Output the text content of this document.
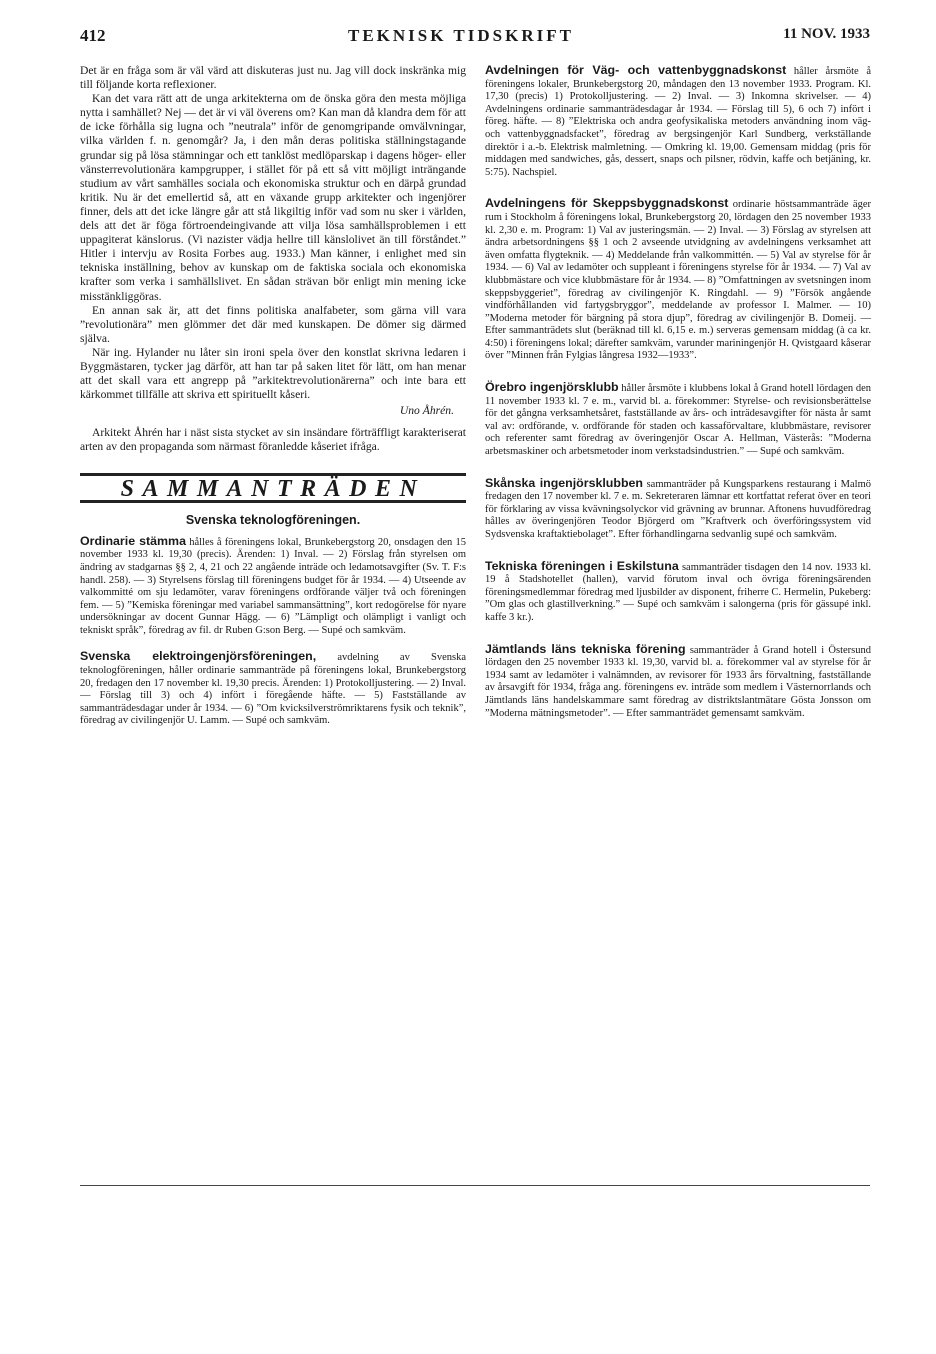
412	TEKNISK TIDSKRIFT	11 NOV. 1933

Det är en fråga som är väl värd att diskuteras just nu. Jag vill dock inskränka mig till följande korta reflexioner.

Kan det vara rätt att de unga arkitekterna om de önska göra den mesta möjliga nytta i samhället? Nej — det är vi väl överens om? Kan man då klandra dem för att de icke förhålla sig lugna och ”neutrala” inför de genomgripande omvälvningar, vilka världen f. n. genomgår? Ja, i den mån deras politiska ställningstagande grundar sig på lösa stämningar och ett tanklöst medlöparskap i dagens höger- eller vänsterrevolutionära kampgrupper, i stället för på ett så vitt möjligt inträngande studium av vårt samhälles sociala och ekonomiska struktur och en därpå grundad kritik. Nu är det emellertid så, att en växande grupp arkitekter och ingenjörer finner, dels att det icke längre går att stå likgiltig inför vad som nu sker i världen, dels att det är föga förtroendeingivande att vilja lösa samhällsproblemen i ett uppagiterat känslorus. (Vi nazister vädja hellre till känslolivet än till förståndet.” Hitler i intervju av Rosita Forbes aug. 1933.) Man känner, i enlighet med sin tekniska inställning, behov av kunskap om de faktiska sociala och ekonomiska krafter som verka i samhällslivet. En sådan strävan bör enligt min mening icke misstänkliggöras.

En annan sak är, att det finns politiska analfabeter, som gärna vill vara ”revolutionära” men glömmer det där med kunskapen. De dömer sig därmed själva.

När ing. Hylander nu låter sin ironi spela över den konstlat skrivna ledaren i Byggmästaren, tycker jag därför, att han tar på saken litet för lätt, om han menar att det skall vara ett angrepp på ”arkitektrevolutionärerna” och inte bara ett kärkommet tillfälle att skriva ett spirituellt kåseri.

Uno Åhrén.

Arkitekt Åhrén har i näst sista stycket av sin insändare förträffligt karakteriserat arten av den propaganda som närmast föranledde kåseriet ifråga.

SAMMANTRÄDEN
Svenska teknologföreningen.
Ordinarie stämma hålles å föreningens lokal, Brunkebergstorg 20, onsdagen den 15 november 1933 kl. 19,30 (precis). Ärenden: 1) Inval. — 2) Förslag från styrelsen om ändring av stadgarnas §§ 2, 4, 21 och 22 angående inträde och ledamotsavgifter (Sv. T. F:s handl. 258). — 3) Styrelsens förslag till föreningens budget för år 1934. — 4) Utseende av valkommitté om sju ledamöter, varav föreningens ordförande väljer två och föreningen fem. — 5) ”Kemiska föreningar med variabel sammansättning”, kort redogörelse för nyare undersökningar av docent Gunnar Hägg. — 6) ”Lämpligt och olämpligt i vanligt och tekniskt språk”, föredrag av fil. dr Ruben G:son Berg. — Supé och samkväm.
Svenska elektroingenjörsföreningen, avdelning av Svenska teknologföreningen, håller ordinarie sammanträde på föreningens lokal, Brunkebergstorg 20, fredagen den 17 november kl. 19,30 precis. Ärenden: 1) Protokolljustering. — 2) Inval. — Förslag till 3) och 4) infört i föregående häfte. — 5) Fastställande av sammanträdesdagar under år 1934. — 6) ”Om kvicksilverströmriktarens fysik och teknik”, föredrag av civilingenjör U. Lamm. — Supé och samkväm.
Avdelningen för Väg- och vattenbyggnadskonst håller årsmöte å föreningens lokaler, Brunkebergstorg 20, måndagen den 13 november 1933. Program. Kl. 17,30 (precis) 1) Protokolljustering. — 2) Inval. — 3) Inkomna skrivelser. — 4) Avdelningens ordinarie sammanträdesdagar år 1934. — Förslag till 5), 6 och 7) infört i föreg. häfte. — 8) ”Elektriska och andra geofysikaliska metoders användning inom väg- och vattenbyggnadsfacket”, föredrag av bergsingenjör Karl Sundberg, verkställande direktör i a.-b. Elektrisk malmletning. — Omkring kl. 19,00. Gemensam middag (pris för middagen med sandwiches, gås, dessert, snaps och pilsner, rödvin, kaffe och betjäning, kr. 5:75). Nachspiel.
Avdelningens för Skeppsbyggnadskonst ordinarie höstsammanträde äger rum i Stockholm å föreningens lokal, Brunkebergstorg 20, lördagen den 25 november 1933 kl. 2,30 e. m. Program: 1) Val av justeringsmän. — 2) Inval. — 3) Förslag av styrelsen att ändra arbetsordningens §§ 1 och 2 avseende utvidgning av avdelningens verksamhet att även omfatta flygteknik. — 4) Meddelande från valkommittén. — 5) Val av styrelse för år 1934. — 6) Val av ledamöter och suppleant i föreningens styrelse för år 1934. — 7) Val av klubbmästare och vice klubbmästare för år 1934. — 8) ”Omfattningen av svetsningen inom skeppsbyggeriet”, föredrag av civilingenjör K. Ringdahl. — 9) ”Försök angående vindförhållanden vid fartygsbryggor”, meddelande av professor I. Malmer. — 10) ”Moderna metoder för bärgning på stora djup”, föredrag av civilingenjör B. Domeij. — Efter sammanträdets slut (beräknad till kl. 6,15 e. m.) serveras gemensam middag (à ca kr. 4:50) i föreningens lokal; därefter samkväm, varunder mariningenjör H. Qvistgaard kåserar över ”Minnen från Fylgias långresa 1932—1933”.
Örebro ingenjörsklubb håller årsmöte i klubbens lokal å Grand hotell lördagen den 11 november 1933 kl. 7 e. m., varvid bl. a. förekommer: Styrelse- och revisionsberättelse för det gångna verksamhetsåret, fastställande av års- och inträdesavgifter för nästa år samt val av: ordförande, v. ordförande för staden och kassaförvaltare, klubbmästare, revisorer och referenter samt föredrag av överingenjör Oscar A. Hellman, Västerås: ”Moderna arbetsmaskiner och arbetsmetoder inom verkstadsindustrien.” — Supé och samkväm.
Skånska ingenjörsklubben sammanträder på Kungsparkens restaurang i Malmö fredagen den 17 november kl. 7 e. m. Sekreteraren lämnar ett kortfattat referat över en teori för förklaring av vissa kvävningsolyckor vid grävning av brunnar. Aftonens huvudföredrag hålles av överingenjören Teodor Björgerd om ”Kraftverk och överföringssystem vid Sydsvenska kraftaktiebolaget”. Efter förhandlingarna sedvanlig supé och samkväm.
Tekniska föreningen i Eskilstuna sammanträder tisdagen den 14 nov. 1933 kl. 19 å Stadshotellet (hallen), varvid förutom inval och övriga föreningsärenden föreningsmedlemmar föredrag med ljusbilder av disponent, friherre C. Hermelin, Pukeberg: ”Om glas och glastillverkning.” — Supé och samkväm i salongerna (pris för gässupé inkl. kaffe 3 kr.).
Jämtlands läns tekniska förening sammanträder å Grand hotell i Östersund lördagen den 25 november 1933 kl. 19,30, varvid bl. a. förekommer val av styrelse för år 1934 samt av ledamöter i valnämnden, av revisorer för 1933 års förvaltning, fastställande av årsavgift för 1934, fråga ang. föreningens ev. inträde som medlem i Västernorrlands och Jämtlands läns handelskammare samt föredrag av distriktslantmätare Gösta Jonsson om ”Moderna mätningsmetoder”. — Efter sammanträdet gemensamt samkväm.
